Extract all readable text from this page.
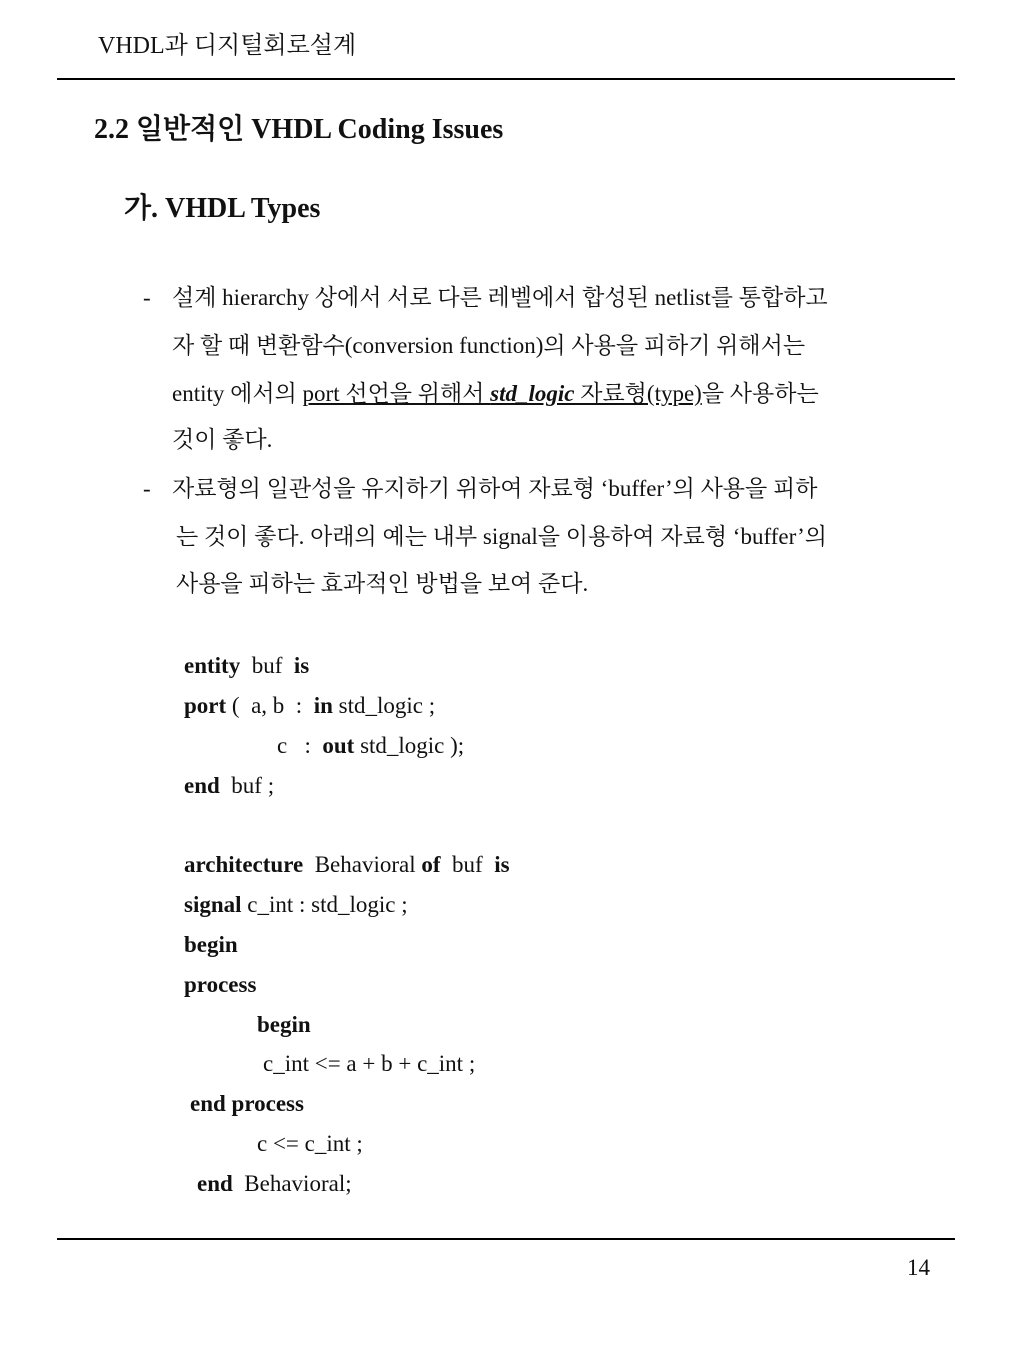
VHDL과 디지털회로설계
2.2 일반적인 VHDL Coding Issues
가. VHDL Types
- 설계 hierarchy 상에서 서로 다른 레벨에서 합성된 netlist를 통합하고
자 할 때 변환함수(conversion function)의 사용을 피하기 위해서는
entity 에서의 port 선언을 위해서 std_logic 자료형(type)을 사용하는
것이 좋다.
- 자료형의 일관성을 유지하기 위하여 자료형 ‘buffer’의 사용을 피하
는 것이 좋다. 아래의 예는 내부 signal을 이용하여 자료형 ‘buffer’의
사용을 피하는 효과적인 방법을 보여 준다.
entity  buf  is
port (  a, b  :  in std_logic ;
c   :  out std_logic );
end  buf ;
architecture  Behavioral of  buf  is
signal c_int : std_logic ;
begin
process
begin
c_int <= a + b + c_int ;
end process
c <= c_int ;
end  Behavioral;
14
